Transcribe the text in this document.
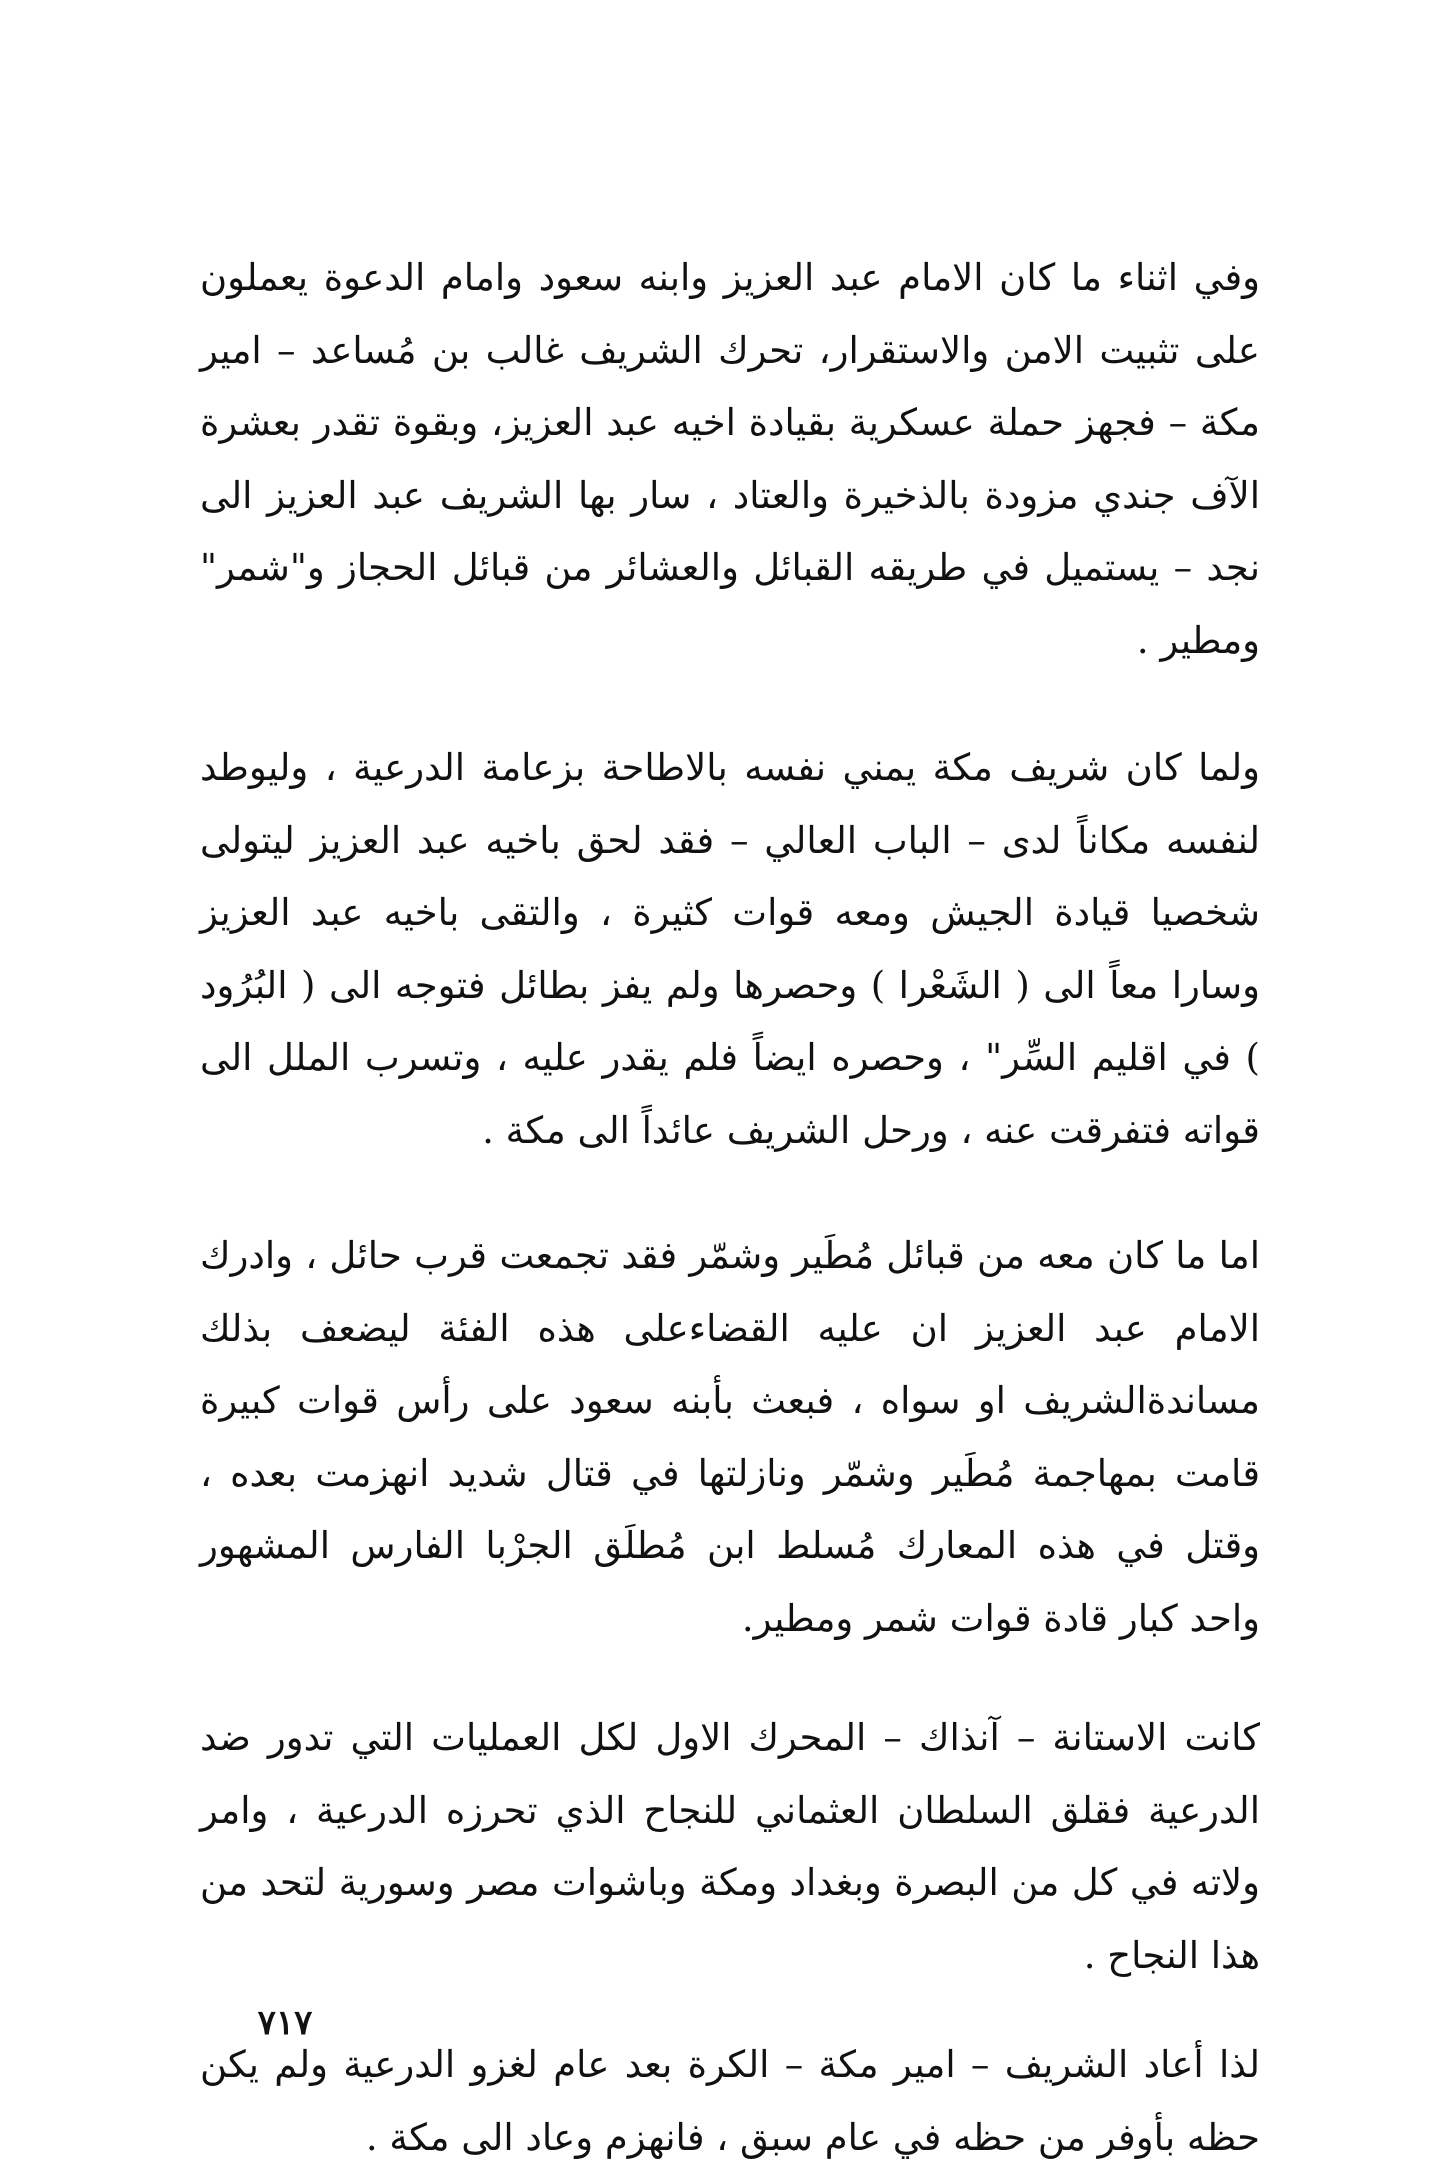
وفي اثناء ما كان الامام عبد العزيز وابنه سعود وامام الدعوة يعملون على تثبيت الامن والاستقرار، تحرك الشريف غالب بن مُساعد – امير مكة – فجهز حملة عسكرية بقيادة اخيه عبد العزيز، وبقوة تقدر بعشرة الآف جندي مزودة بالذخيرة والعتاد ، سار بها الشريف عبد العزيز الى نجد – يستميل في طريقه القبائل والعشائر من قبائل الحجاز و"شمر" ومطير .

ولما كان شريف مكة يمني نفسه بالاطاحة بزعامة الدرعية ، وليوطد لنفسه مكاناً لدى – الباب العالي – فقد لحق باخيه عبد العزيز ليتولى شخصيا قيادة الجيش ومعه قوات كثيرة ، والتقى باخيه عبد العزيز وسارا معاً الى ( الشَعْرا ) وحصرها ولم يفز بطائل فتوجه الى ( البُرُود ) في اقليم السِّر" ، وحصره ايضاً فلم يقدر عليه ، وتسرب الملل الى قواته فتفرقت عنه ، ورحل الشريف عائداً الى مكة .

اما ما كان معه من قبائل مُطَير وشمّر فقد تجمعت قرب حائل ، وادرك الامام عبد العزيز ان عليه القضاءعلى هذه الفئة ليضعف بذلك مساندةالشريف او سواه ، فبعث بأبنه سعود على رأس قوات كبيرة قامت بمهاجمة مُطَير وشمّر ونازلتها في قتال شديد انهزمت بعده ، وقتل في هذه المعارك مُسلط ابن مُطلَق الجرْبا الفارس المشهور واحد كبار قادة قوات شمر ومطير.

كانت الاستانة – آنذاك – المحرك الاول لكل العمليات التي تدور ضد الدرعية فقلق السلطان العثماني للنجاح الذي تحرزه الدرعية ، وامر ولاته في كل من البصرة وبغداد ومكة وباشوات مصر وسورية لتحد من هذا النجاح .

لذا أعاد الشريف – امير مكة – الكرة بعد عام لغزو الدرعية ولم يكن حظه بأوفر من حظه في عام سبق ، فانهزم وعاد الى مكة .

٧١٧
